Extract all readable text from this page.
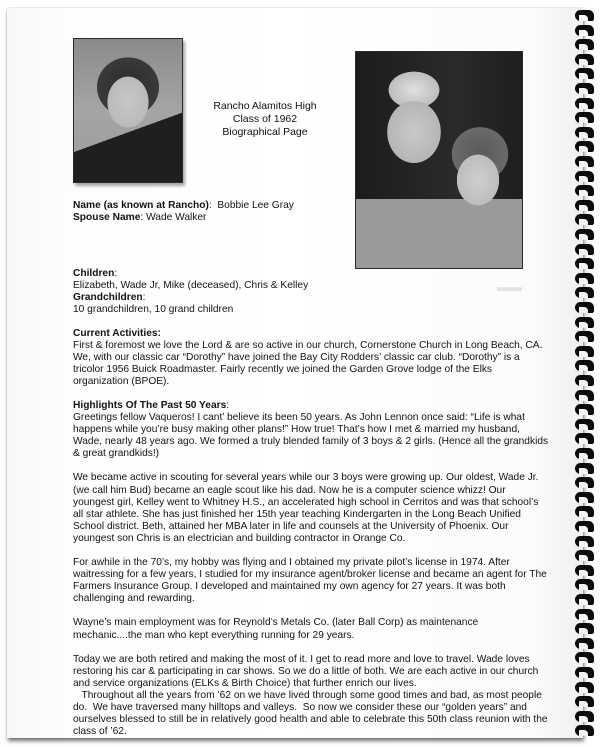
Rancho Alamitos High
Class of 1962
Biographical Page
▬▬

Name (as known at Rancho): Bobbie Lee Gray

Spouse Name: Wade Walker

Children:

Elizabeth, Wade Jr, Mike (deceased), Chris & Kelley

Grandchildren:

10 grandchildren, 10 grand children

Current Activities:

First & foremost we love the Lord & are so active in our church, Cornerstone Church in Long Beach, CA. We, with our classic car “Dorothy” have joined the Bay City Rodders’ classic car club. “Dorothy” is a tricolor 1956 Buick Roadmaster. Fairly recently we joined the Garden Grove lodge of the Elks organization (BPOE).

Highlights Of The Past 50 Years:

Greetings fellow Vaqueros! I cant’ believe its been 50 years. As John Lennon once said: “Life is what happens while you’re busy making other plans!” How true! That’s how I met & married my husband, Wade, nearly 48 years ago. We formed a truly blended family of 3 boys & 2 girls. (Hence all the grandkids & great grandkids!)

We became active in scouting for several years while our 3 boys were growing up. Our oldest, Wade Jr. (we call him Bud) became an eagle scout like his dad. Now he is a computer science whizz! Our youngest girl, Kelley went to Whitney H.S., an accelerated high school in Cerritos and was that school’s all star athlete. She has just finished her 15th year teaching Kindergarten in the Long Beach Unified School district. Beth, attained her MBA later in life and counsels at the University of Phoenix. Our youngest son Chris is an electrician and building contractor in Orange Co.

For awhile in the 70’s, my hobby was flying and I obtained my private pilot’s license in 1974. After waitressing for a few years, I studied for my insurance agent/broker license and became an agent for The Farmers Insurance Group. I developed and maintained my own agency for 27 years. It was both challenging and rewarding.

Wayne’s main employment was for Reynold’s Metals Co. (later Ball Corp) as maintenance mechanic....the man who kept everything running for 29 years.

Today we are both retired and making the most of it. I get to read more and love to travel. Wade loves restoring his car & participating in car shows. So we do a little of both. We are each active in our church and service organizations (ELKs & Birth Choice) that further enrich our lives.

Throughout all the years from ’62 on we have lived through some good times and bad, as most people do.  We have traversed many hilltops and valleys.  So now we consider these our “golden years” and ourselves blessed to still be in relatively good health and able to celebrate this 50th class reunion with the class of ’62.
